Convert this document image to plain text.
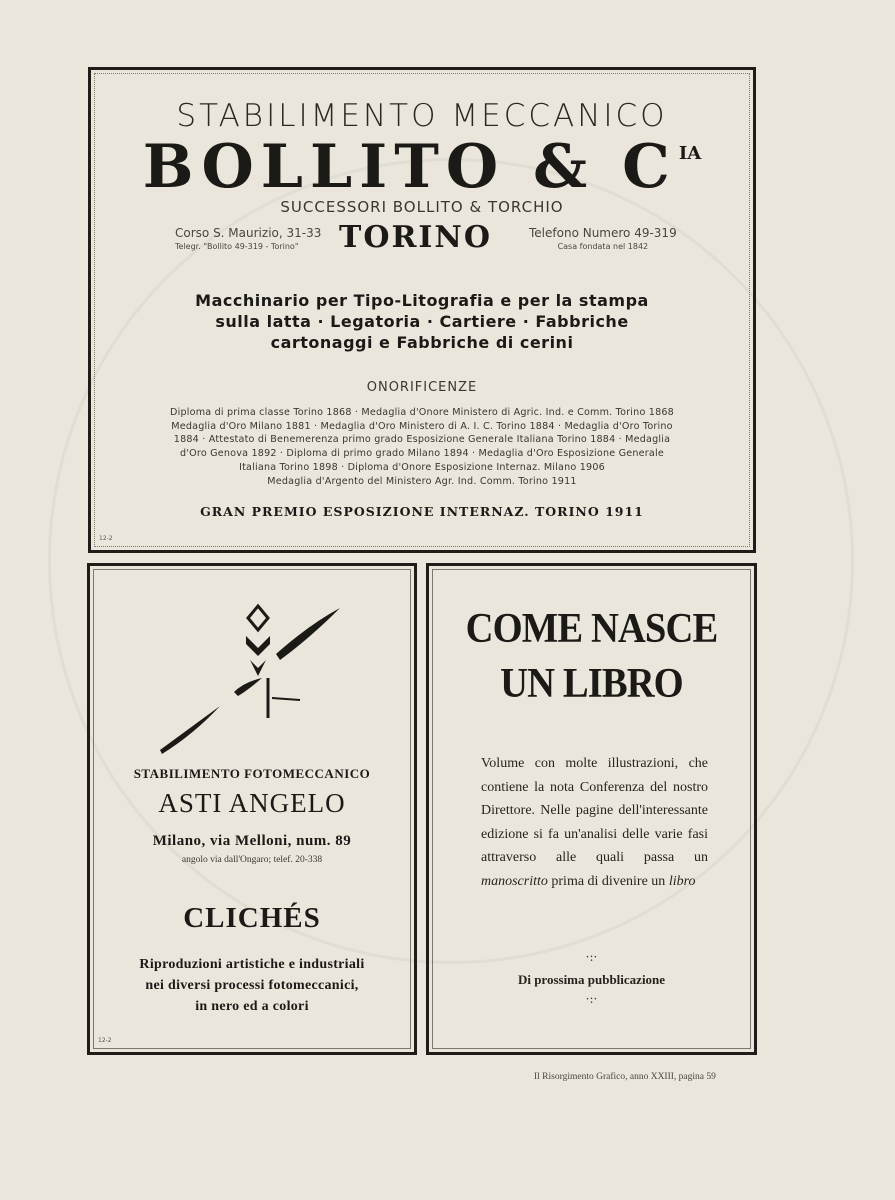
STABILIMENTO MECCANICO
BOLLITO & C $^{IA}$
SUCCESSORI BOLLITO & TORCHIO
Corso S. Maurizio, 31-33
Telegr. "Bollito 49-319 - Torino"	TORINO	Telefono Numero 49-319
Casa fondata nel 1842
Macchinario per Tipo-Litografia e per la stampa
sulla latta · Legatoria · Cartiere · Fabbriche
cartonaggi e Fabbriche di cerini
ONORIFICENZE
Diploma di prima classe Torino 1868 · Medaglia d'Onore Ministero di Agric. Ind. e Comm. Torino 1868
Medaglia d'Oro Milano 1881 · Medaglia d'Oro Ministero di A. I. C. Torino 1884 · Medaglia d'Oro Torino
1884 · Attestato di Benemerenza primo grado Esposizione Generale Italiana Torino 1884 · Medaglia
d'Oro Genova 1892 · Diploma di primo grado Milano 1894 · Medaglia d'Oro Esposizione Generale
Italiana Torino 1898 · Diploma d'Onore Esposizione Internaz. Milano 1906
Medaglia d'Argento del Ministero Agr. Ind. Comm. Torino 1911
GRAN PREMIO ESPOSIZIONE INTERNAZ. TORINO 1911
12-2
STABILIMENTO FOTOMECCANICO
ASTI ANGELO
Milano, via Melloni, num. 89
angolo via dall'Ongaro; telef. 20-338
CLICHÉS
Riproduzioni artistiche e industriali
nei diversi processi fotomeccanici,
in nero ed a colori
12-2
COME NASCE
UN LIBRO
Volume con molte illustrazioni, che contiene la nota Conferenza del nostro Direttore. Nelle pagine dell'interessante edizione si fa un'analisi delle varie fasi attraverso alle quali passa un manoscritto prima di divenire un libro
·:·
Di prossima pubblicazione
·:·
Il Risorgimento Grafico, anno XXIII, pagina 59
